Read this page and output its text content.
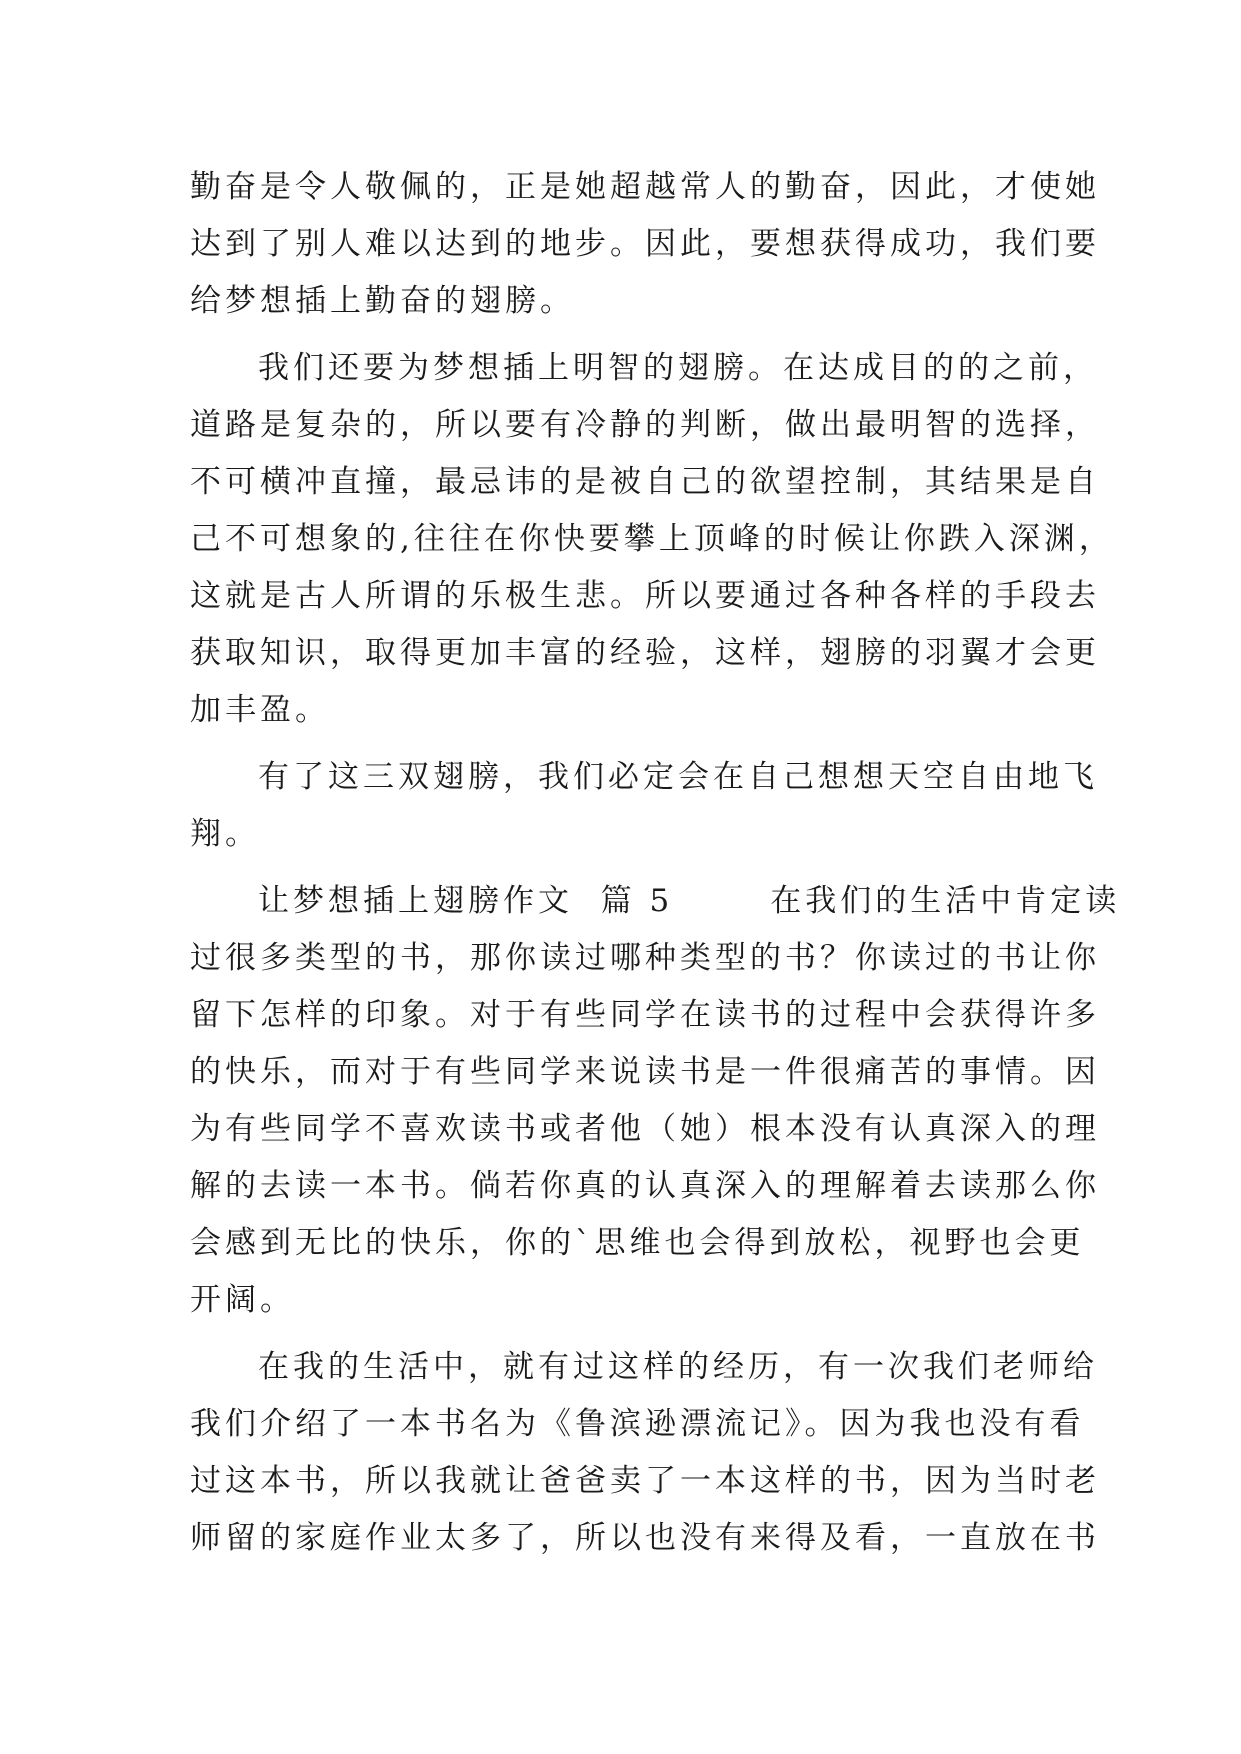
勤奋是令人敬佩的，正是她超越常人的勤奋，因此，才使她
达到了别人难以达到的地步。因此，要想获得成功，我们要
给梦想插上勤奋的翅膀。
我们还要为梦想插上明智的翅膀。在达成目的的之前，
道路是复杂的，所以要有冷静的判断，做出最明智的选择，
不可横冲直撞，最忌讳的是被自己的欲望控制，其结果是自
己不可想象的,往往在你快要攀上顶峰的时候让你跌入深渊，
这就是古人所谓的乐极生悲。所以要通过各种各样的手段去
获取知识，取得更加丰富的经验，这样，翅膀的羽翼才会更
加丰盈。
有了这三双翅膀，我们必定会在自己想想天空自由地飞
翔。
让梦想插上翅膀作文  篇 5       在我们的生活中肯定读
过很多类型的书，那你读过哪种类型的书？你读过的书让你
留下怎样的印象。对于有些同学在读书的过程中会获得许多
的快乐，而对于有些同学来说读书是一件很痛苦的事情。因
为有些同学不喜欢读书或者他（她）根本没有认真深入的理
解的去读一本书。倘若你真的认真深入的理解着去读那么你
会感到无比的快乐，你的`思维也会得到放松，视野也会更
开阔。
在我的生活中，就有过这样的经历，有一次我们老师给
我们介绍了一本书名为《鲁滨逊漂流记》。因为我也没有看
过这本书，所以我就让爸爸卖了一本这样的书，因为当时老
师留的家庭作业太多了，所以也没有来得及看，一直放在书
